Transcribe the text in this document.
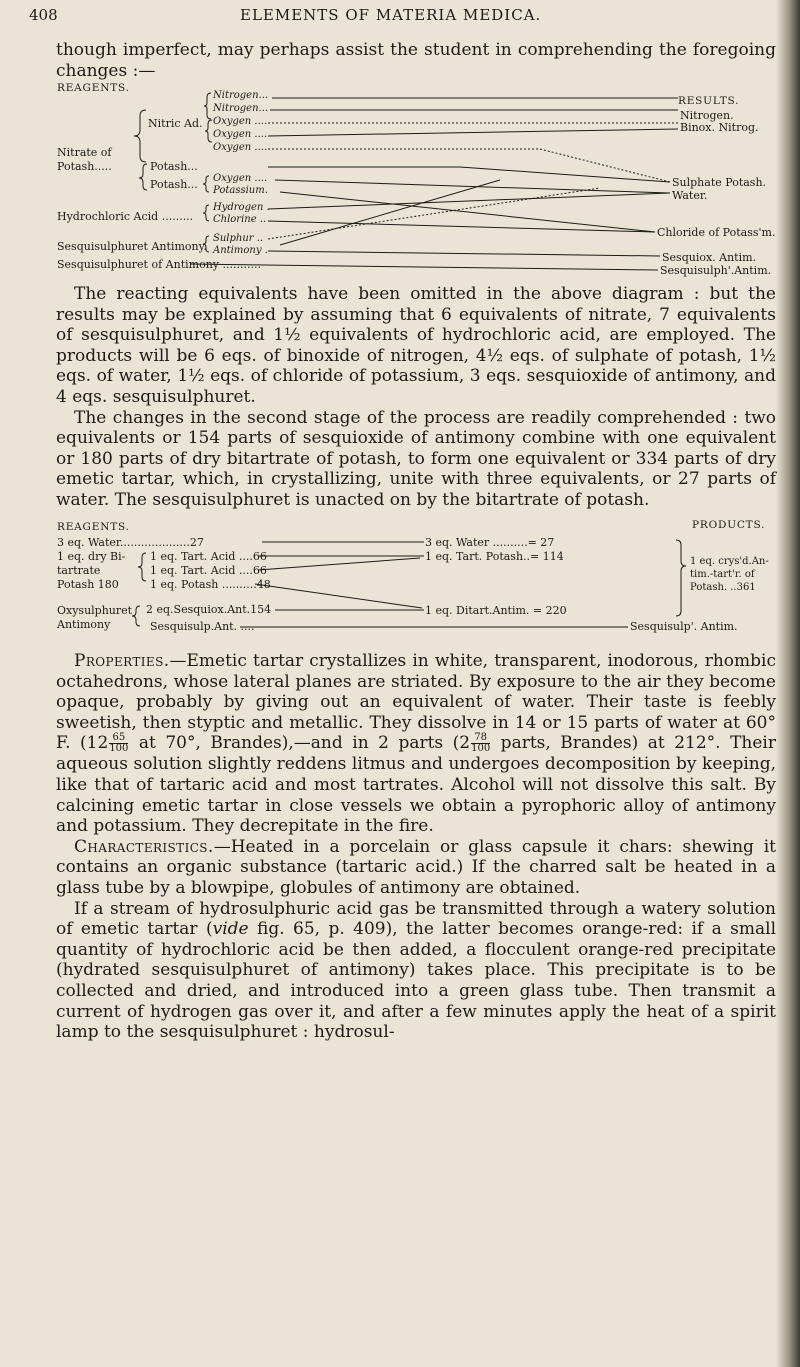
408	ELEMENTS OF MATERIA MEDICA.

though imperfect, may perhaps assist the student in comprehending the foregoing changes :—

REAGENTS.
RESULTS.
Nitrate of
Potash.....
Nitric Ad.
Potash...
Potash...
Hydrochloric Acid .........
Sesquisulphuret Antimony.
Sesquisulphuret of Antimony ...........
Nitrogen...
Nitrogen...
Oxygen ....
Oxygen ....
Oxygen ....
Oxygen ....
Potassium.
Hydrogen .
Chlorine ..
Sulphur ..
Antimony .
Nitrogen.
Binox. Nitrog.
Sulphate Potash.
Water.
Chloride of Potass'm.
Sesquiox. Antim.
Sesquisulph'.Antim.

The reacting equivalents have been omitted in the above diagram : but the results may be explained by assuming that 6 equivalents of nitrate, 7 equivalents of sesquisulphuret, and 1½ equivalents of hydrochloric acid, are employed. The products will be 6 eqs. of binoxide of nitrogen, 4½ eqs. of sulphate of potash, 1½ eqs. of water, 1½ eqs. of chloride of potassium, 3 eqs. sesquioxide of antimony, and 4 eqs. sesquisulphuret.

The changes in the second stage of the process are readily comprehended : two equivalents or 154 parts of sesquioxide of antimony combine with one equivalent or 180 parts of dry bitartrate of potash, to form one equivalent or 334 parts of dry emetic tartar, which, in crystallizing, unite with three equivalents, or 27 parts of water. The sesquisulphuret is unacted on by the bitartrate of potash.

REAGENTS.	PRODUCTS.
3 eq. Water....................27
1 eq. dry Bi-
tartrate
Potash 180
1 eq. Tart. Acid ....66
1 eq. Tart. Acid ....66
1 eq. Potash ..........48
Oxysulphuret
Antimony
2 eq.Sesquiox.Ant.154
Sesquisulp.Ant. ....
3 eq. Water ..........= 27
1 eq. Tart. Potash..= 114
1 eq. Ditart.Antim. = 220
1 eq. crys'd.An-
tim.-tart'r. of
Potash. ..361
Sesquisulp'. Antim.

Properties.—Emetic tartar crystallizes in white, transparent, inodorous, rhombic octahedrons, whose lateral planes are striated. By exposure to the air they become opaque, probably by giving out an equivalent of water. Their taste is feebly sweetish, then styptic and metallic. They dissolve in 14 or 15 parts of water at 60° F. ($12 \frac{65}{100}$ at 70°, Brandes),—and in 2 parts ($2 \frac{78}{100}$ parts, Brandes) at 212°. Their aqueous solution slightly reddens litmus and undergoes decomposition by keeping, like that of tartaric acid and most tartrates. Alcohol will not dissolve this salt. By calcining emetic tartar in close vessels we obtain a pyrophoric alloy of antimony and potassium. They decrepitate in the fire.

Characteristics.—Heated in a porcelain or glass capsule it chars: shewing it contains an organic substance (tartaric acid.) If the charred salt be heated in a glass tube by a blowpipe, globules of antimony are obtained.

If a stream of hydrosulphuric acid gas be transmitted through a watery solution of emetic tartar (vide fig. 65, p. 409), the latter becomes orange-red: if a small quantity of hydrochloric acid be then added, a flocculent orange-red precipitate (hydrated sesquisulphuret of antimony) takes place. This precipitate is to be collected and dried, and introduced into a green glass tube. Then transmit a current of hydrogen gas over it, and after a few minutes apply the heat of a spirit lamp to the sesquisulphuret : hydrosul-
